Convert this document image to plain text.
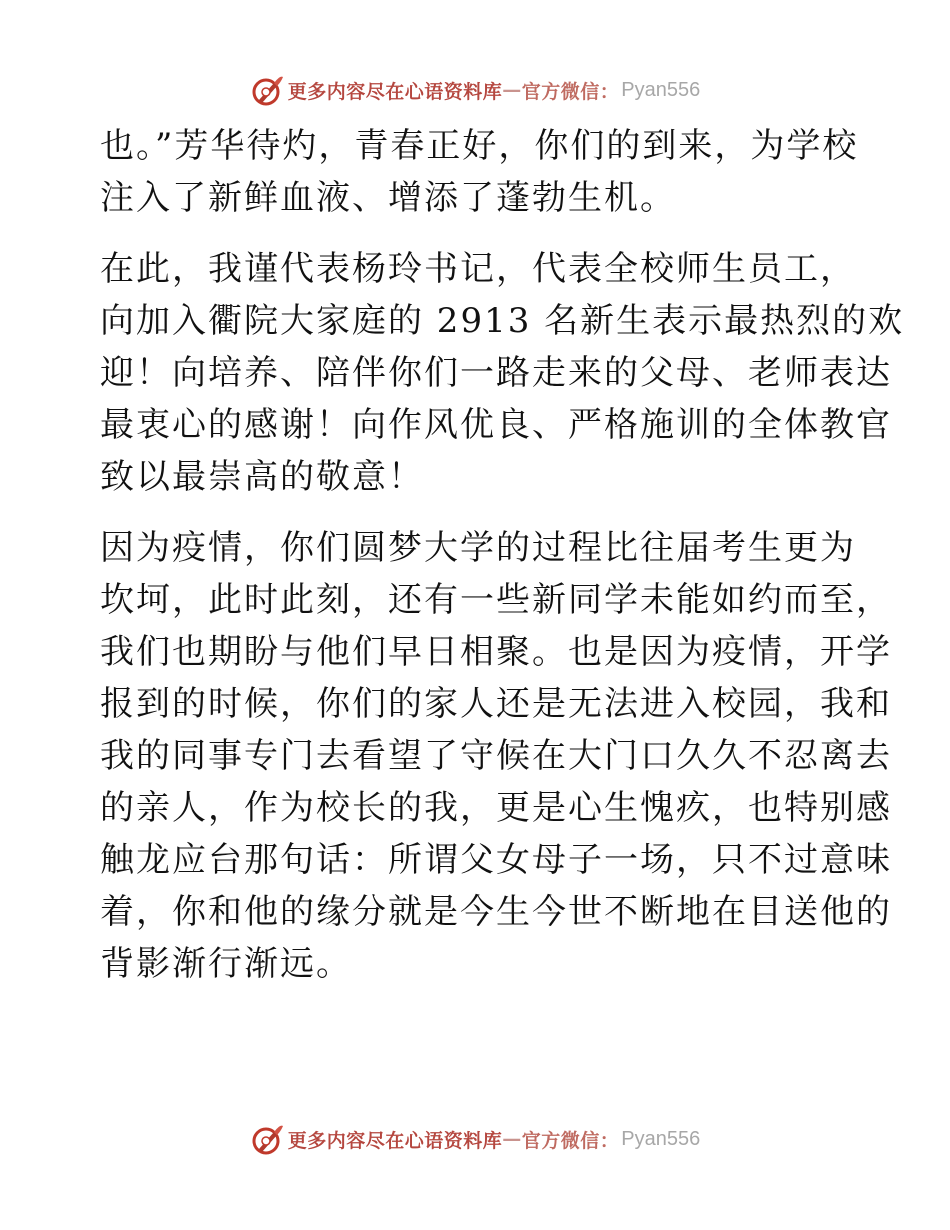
更多内容尽在心语资料库 — 官方微信： Pyan556
也。”芳华待灼，青春正好，你们的到来，为学校
注入了新鲜血液、增添了蓬勃生机。
在此，我谨代表杨玲书记，代表全校师生员工，
向加入衢院大家庭的 2913 名新生表示最热烈的欢
迎！向培养、陪伴你们一路走来的父母、老师表达
最衷心的感谢！向作风优良、严格施训的全体教官
致以最崇高的敬意！
因为疫情，你们圆梦大学的过程比往届考生更为
坎坷，此时此刻，还有一些新同学未能如约而至，
我们也期盼与他们早日相聚。也是因为疫情，开学
报到的时候，你们的家人还是无法进入校园，我和
我的同事专门去看望了守候在大门口久久不忍离去
的亲人，作为校长的我，更是心生愧疚，也特别感
触龙应台那句话：所谓父女母子一场，只不过意味
着，你和他的缘分就是今生今世不断地在目送他的
背影渐行渐远。
更多内容尽在心语资料库 — 官方微信： Pyan556
